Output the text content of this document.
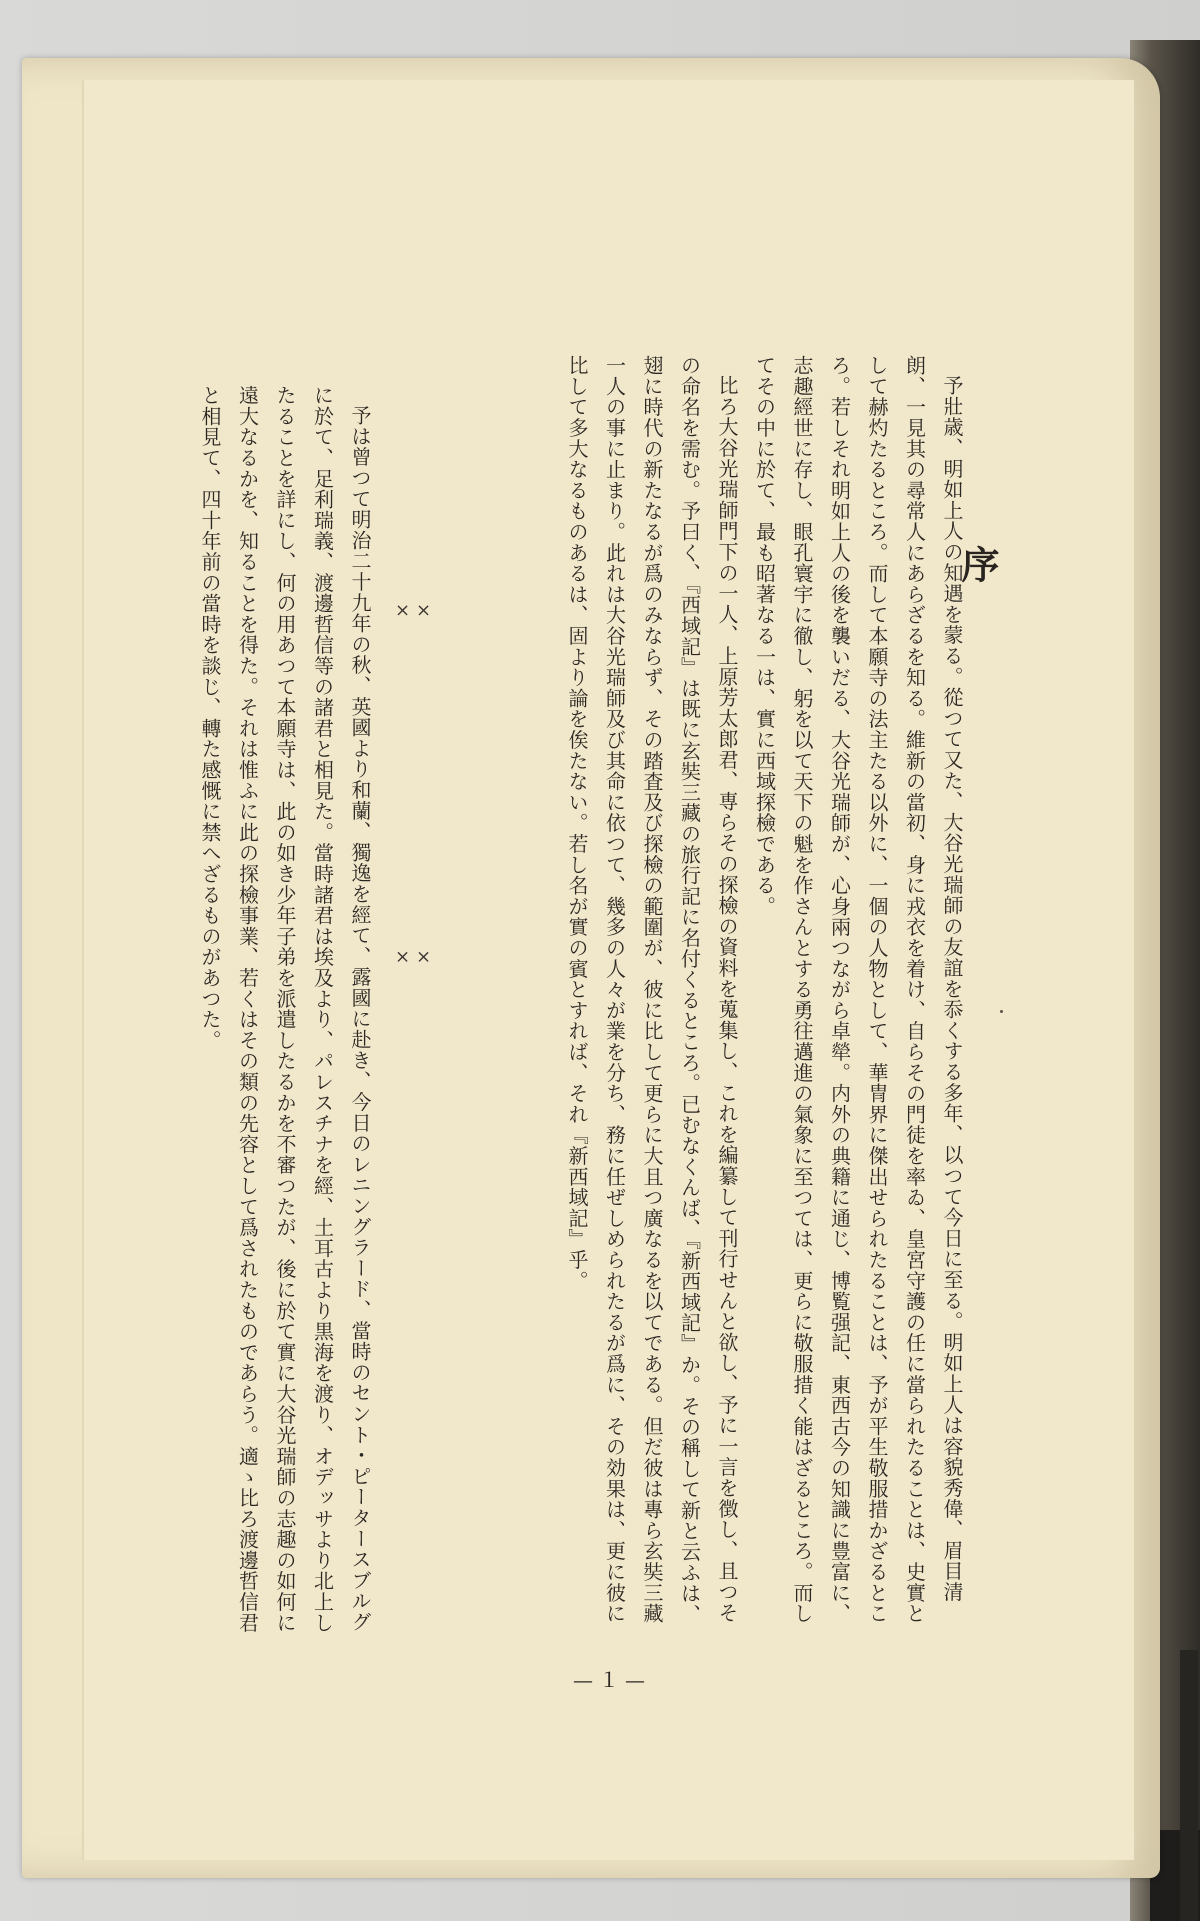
序

予壯歳、明如上人の知遇を蒙る。從つて又た、大谷光瑞師の友誼を忝くする多年、以つて今日に至る。明如上人は容貌秀偉、眉目清朗、一見其の尋常人にあらざるを知る。維新の當初、身に戎衣を着け、自らその門徒を率ゐ、皇宮守護の任に當られたることは、史實として赫灼たるところ。而して本願寺の法主たる以外に、一個の人物として、華冑界に傑出せられたることは、予が平生敬服措かざるところ。若しそれ明如上人の後を襲いだる、大谷光瑞師が、心身兩つながら卓犖。内外の典籍に通じ、博覧强記、東西古今の知識に豊富に、志趣經世に存し、眼孔寰宇に徹し、躬を以て天下の魁を作さんとする勇往邁進の氣象に至つては、更らに敬服措く能はざるところ。而してその中に於て、最も昭著なる一は、實に西域探檢である。

比ろ大谷光瑞師門下の一人、上原芳太郎君、専らその探檢の資料を蒐集し、これを編纂して刊行せんと欲し、予に一言を徴し、且つその命名を需む。予曰く、『西域記』は既に玄奘三藏の旅行記に名付くるところ。已むなくんば、『新西域記』か。その稱して新と云ふは、翅に時代の新たなるが爲のみならず、その踏査及び探檢の範圍が、彼に比して更らに大且つ廣なるを以てである。但だ彼は專ら玄奘三藏一人の事に止まり。此れは大谷光瑞師及び其命に依つて、幾多の人々が業を分ち、務に任ぜしめられたるが爲に、その効果は、更に彼に比して多大なるものあるは、固より論を俟たない。若し名が實の賓とすれば、それ『新西域記』乎。

× × × ×

予は曾つて明治二十九年の秋、英國より和蘭、獨逸を經て、露國に赴き、今日のレニングラード、當時のセント・ピータースブルグに於て、足利瑞義、渡邊哲信等の諸君と相見た。當時諸君は埃及より、パレスチナを經、土耳古より黒海を渡り、オデッサより北上したることを詳にし、何の用あつて本願寺は、此の如き少年子弟を派遣したるかを不審つたが、後に於て實に大谷光瑞師の志趣の如何に遠大なるかを、知ることを得た。それは惟ふに此の探檢事業、若くはその類の先容として爲されたものであらう。適ゝ比ろ渡邊哲信君と相見て、四十年前の當時を談じ、轉た感慨に禁へざるものがあつた。

—１—
